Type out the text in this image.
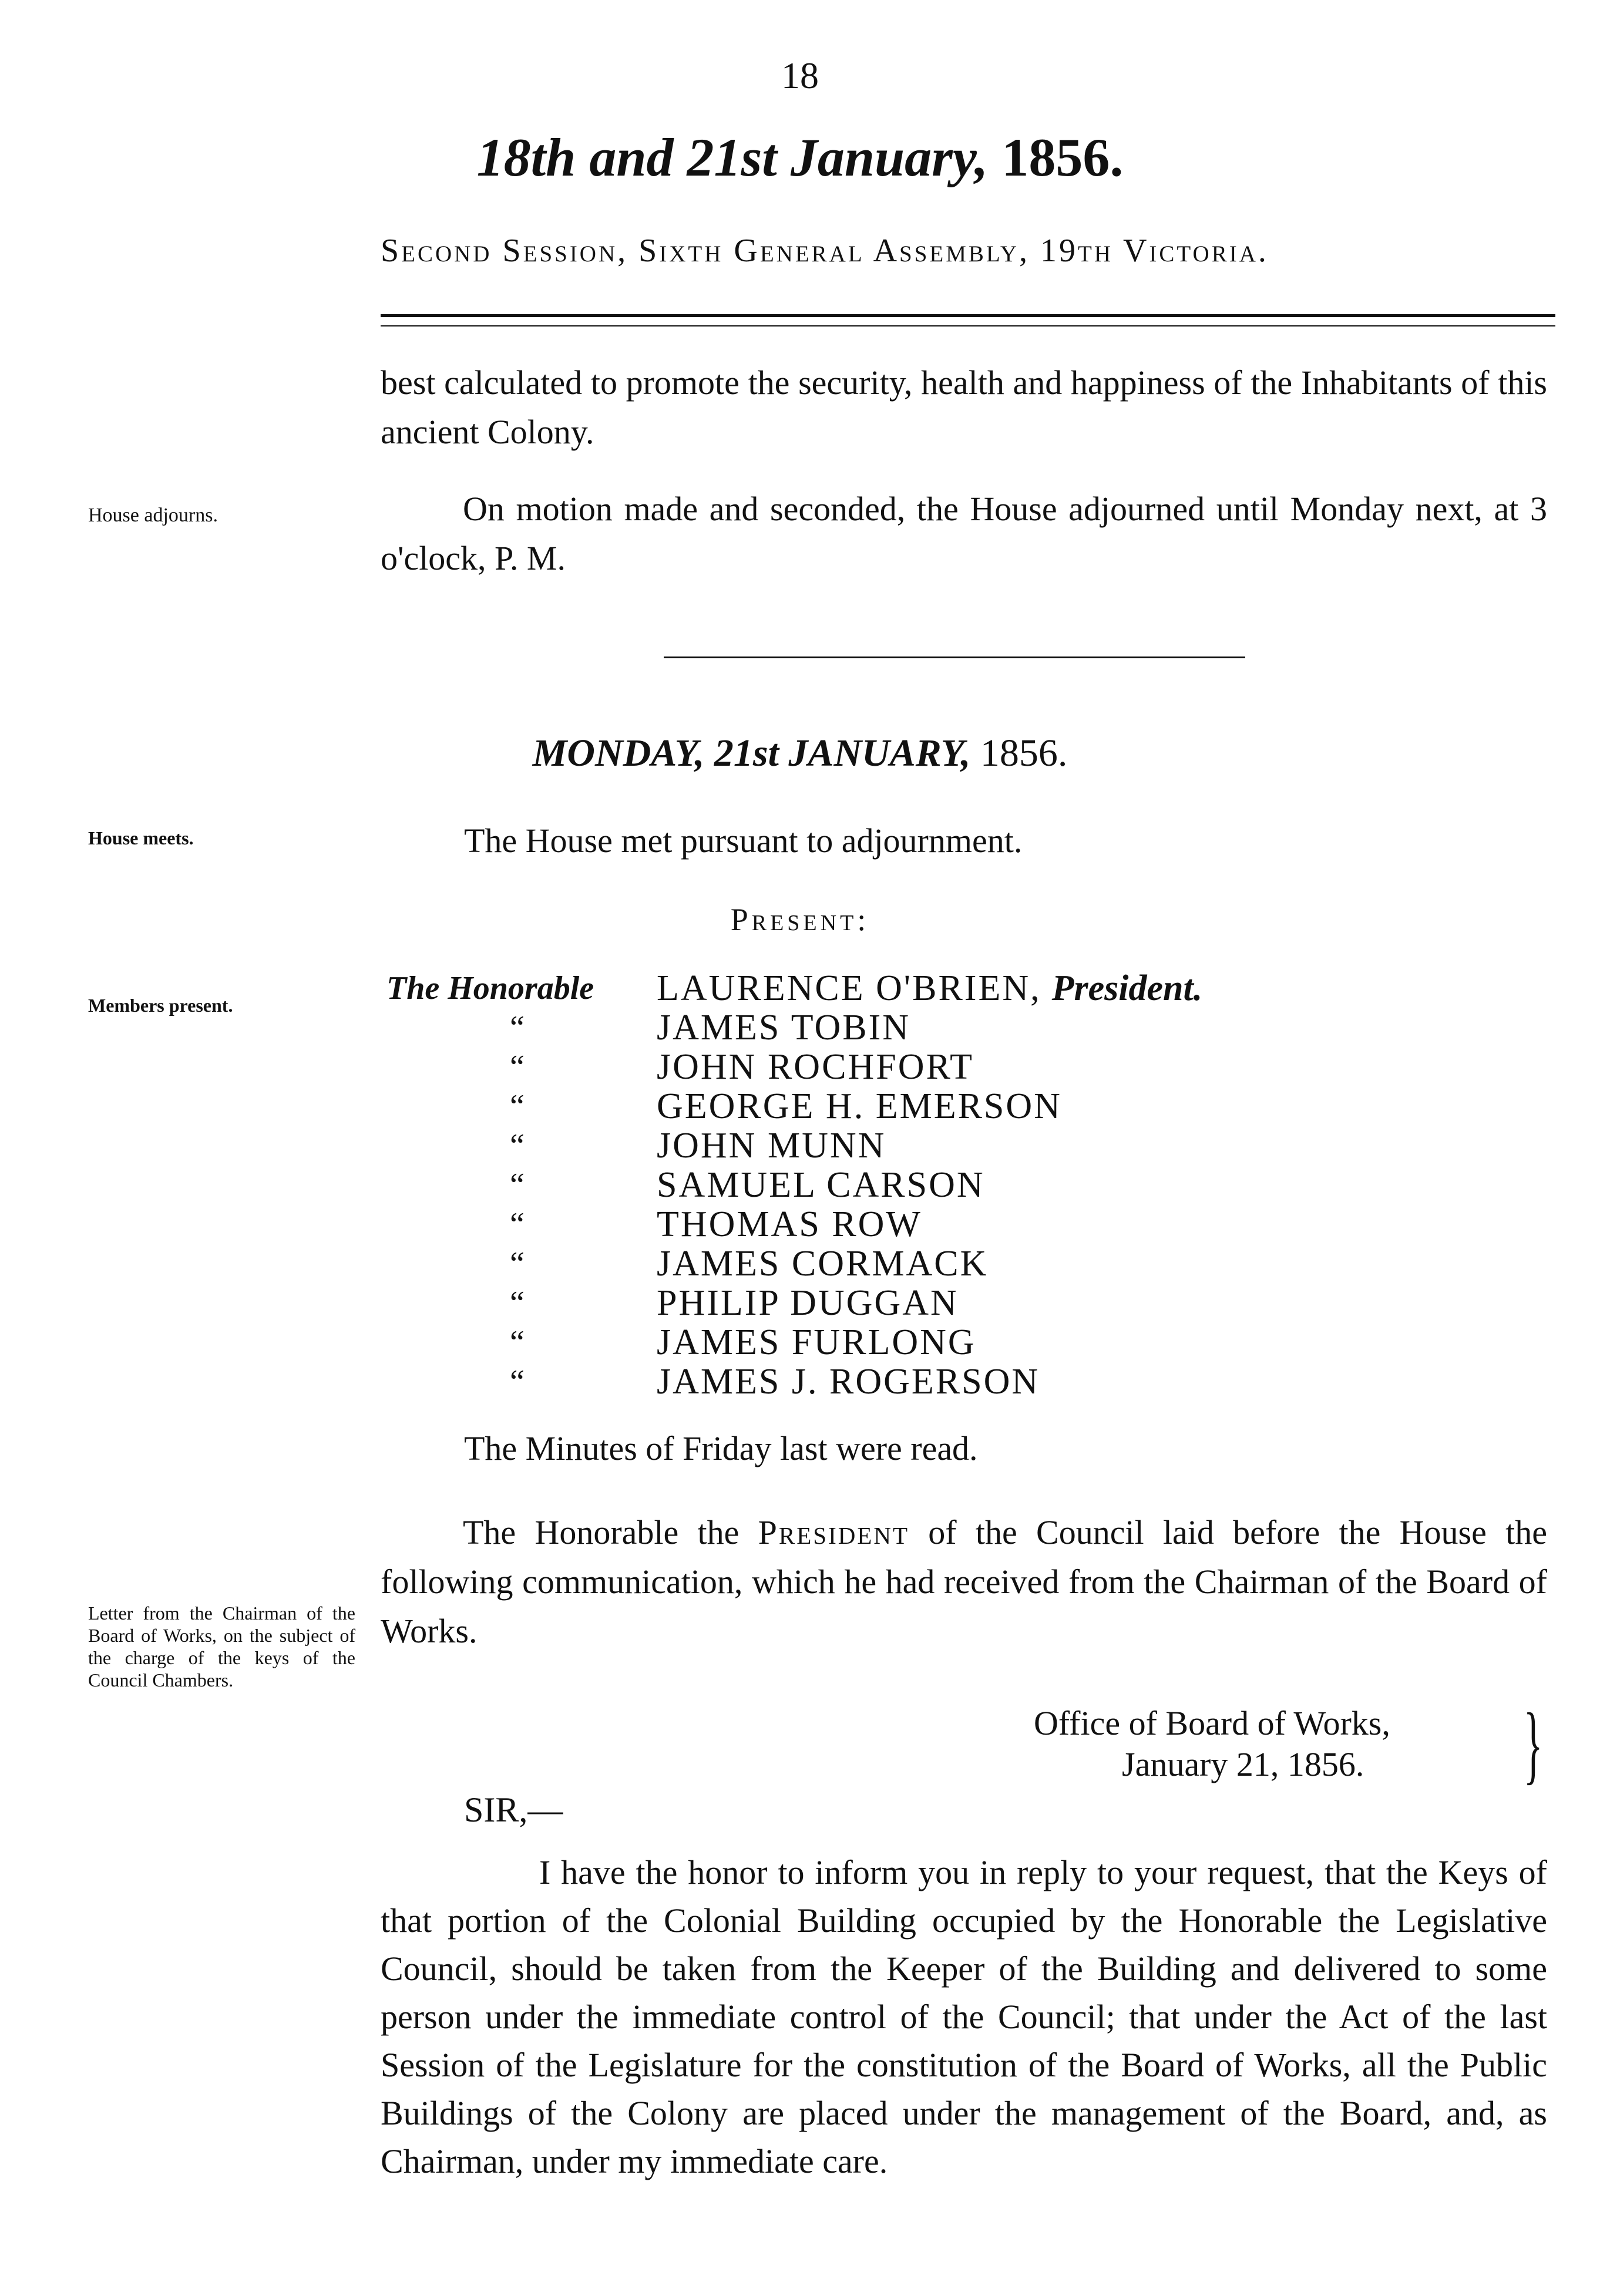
18
18th and 21st January, 1856.
Second Session, Sixth General Assembly, 19th Victoria.
House adjourns.
House meets.
Members present.
Letter from the Chairman of the Board of Works, on the subject of the charge of the keys of the Council Chambers.
best calculated to promote the security, health and happiness of the Inhabitants of this ancient Colony.
On motion made and seconded, the House adjourned until Monday next, at 3 o'clock, P. M.
MONDAY, 21st JANUARY, 1856.
The House met pursuant to adjournment.
Present:
The Honorable	LAURENCE O'BRIEN, President.
“	JAMES TOBIN
“	JOHN ROCHFORT
“	GEORGE H. EMERSON
“	JOHN MUNN
“	SAMUEL CARSON
“	THOMAS ROW
“	JAMES CORMACK
“	PHILIP DUGGAN
“	JAMES FURLONG
“	JAMES J. ROGERSON
The Minutes of Friday last were read.
The Honorable the President of the Council laid before the House the following communication, which he had received from the Chairman of the Board of Works.
Office of Board of Works,
January 21, 1856.	}
SIR,—
I have the honor to inform you in reply to your request, that the Keys of that portion of the Colonial Building occupied by the Honorable the Legislative Council, should be taken from the Keeper of the Building and delivered to some person under the immediate control of the Council; that under the Act of the last Session of the Legislature for the constitution of the Board of Works, all the Public Buildings of the Colony are placed under the management of the Board, and, as Chairman, under my immediate care.
